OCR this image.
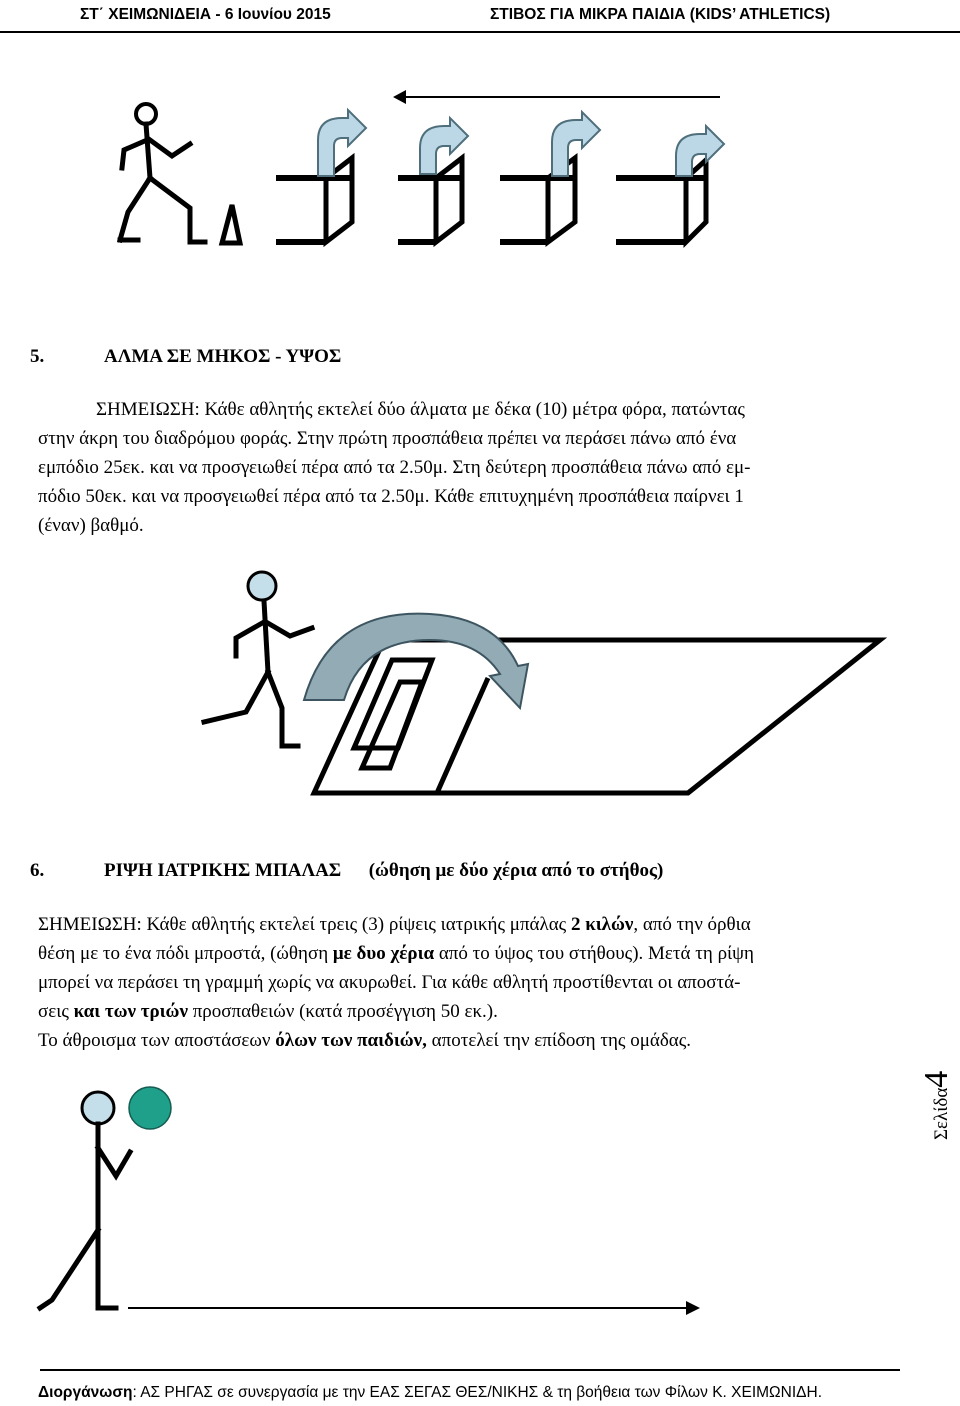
ΣΤ΄ ΧΕΙΜΩΝΙΔΕΙΑ - 6 Ιουνίου 2015	ΣΤΙΒΟΣ ΓΙΑ ΜΙΚΡΑ ΠΑΙΔΙΑ (KIDS’ ATHLETICS)
5.	ΑΛΜΑ ΣΕ ΜΗΚΟΣ - ΥΨΟΣ
ΣΗΜΕΙΩΣΗ: Κάθε αθλητής εκτελεί δύο άλματα με δέκα (10) μέτρα φόρα, πατώντας
στην άκρη του διαδρόμου φοράς. Στην πρώτη προσπάθεια πρέπει να περάσει πάνω από ένα
εμπόδιο 25εκ. και να προσγειωθεί πέρα από τα 2.50μ. Στη δεύτερη προσπάθεια πάνω από εμ-
πόδιο 50εκ. και να προσγειωθεί πέρα από τα 2.50μ. Κάθε επιτυχημένη προσπάθεια παίρνει 1
(έναν) βαθμό.
6.	ΡΙΨΗ ΙΑΤΡΙΚΗΣ ΜΠΑΛΑΣ (ώθηση με δύο χέρια από το στήθος)
ΣΗΜΕΙΩΣΗ: Κάθε αθλητής εκτελεί τρεις (3) ρίψεις ιατρικής μπάλας 2 κιλών, από την όρθια
θέση με το ένα πόδι μπροστά, (ώθηση με δυο χέρια από το ύψος του στήθους). Μετά τη ρίψη
μπορεί να περάσει τη γραμμή χωρίς να ακυρωθεί. Για κάθε αθλητή προστίθενται οι αποστά-
σεις και των τριών προσπαθειών (κατά προσέγγιση 50 εκ.).
Το άθροισμα των αποστάσεων όλων των παιδιών, αποτελεί την επίδοση της ομάδας.
Σελίδα4
Διοργάνωση: ΑΣ ΡΗΓΑΣ σε συνεργασία με την ΕΑΣ ΣΕΓΑΣ ΘΕΣ/ΝΙΚΗΣ & τη βοήθεια των Φίλων Κ. ΧΕΙΜΩΝΙΔΗ.
